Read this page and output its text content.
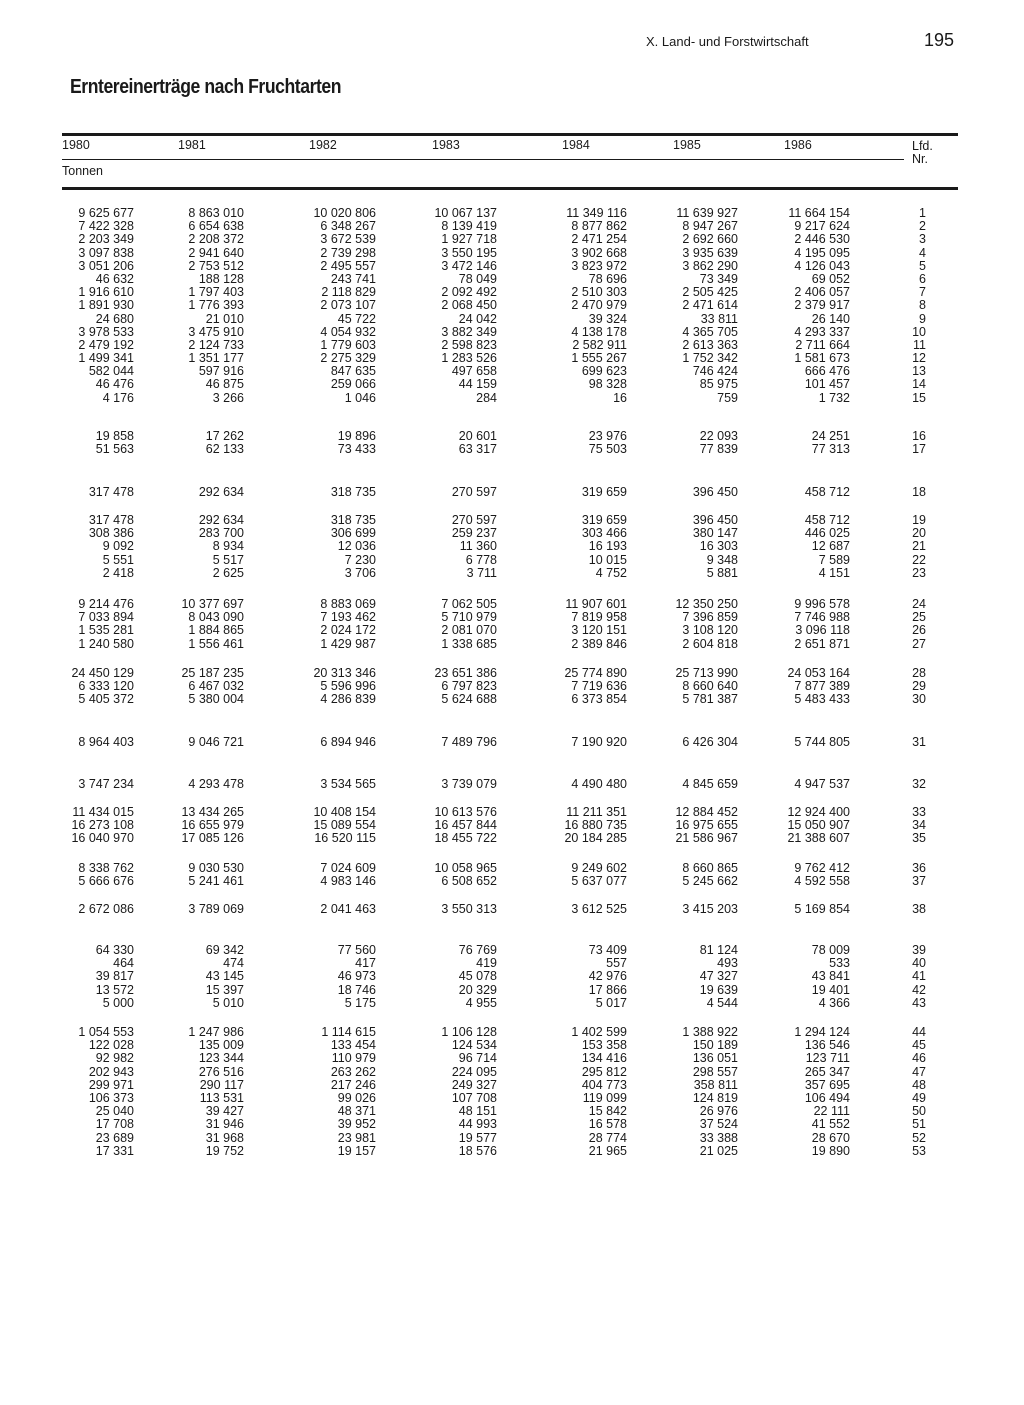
X. Land- und Forstwirtschaft	195
Erntereinerträge nach Fruchtarten
1980	1981	1982	1983	1984	1985	1986	Lfd.
Nr.
Tonnen
9 625 677	8 863 010	10 020 806	10 067 137	11 349 116	11 639 927	11 664 154	1
7 422 328	6 654 638	6 348 267	8 139 419	8 877 862	8 947 267	9 217 624	2
2 203 349	2 208 372	3 672 539	1 927 718	2 471 254	2 692 660	2 446 530	3
3 097 838	2 941 640	2 739 298	3 550 195	3 902 668	3 935 639	4 195 095	4
3 051 206	2 753 512	2 495 557	3 472 146	3 823 972	3 862 290	4 126 043	5
46 632	188 128	243 741	78 049	78 696	73 349	69 052	6
1 916 610	1 797 403	2 118 829	2 092 492	2 510 303	2 505 425	2 406 057	7
1 891 930	1 776 393	2 073 107	2 068 450	2 470 979	2 471 614	2 379 917	8
24 680	21 010	45 722	24 042	39 324	33 811	26 140	9
3 978 533	3 475 910	4 054 932	3 882 349	4 138 178	4 365 705	4 293 337	10
2 479 192	2 124 733	1 779 603	2 598 823	2 582 911	2 613 363	2 711 664	11
1 499 341	1 351 177	2 275 329	1 283 526	1 555 267	1 752 342	1 581 673	12
582 044	597 916	847 635	497 658	699 623	746 424	666 476	13
46 476	46 875	259 066	44 159	98 328	85 975	101 457	14
4 176	3 266	1 046	284	16	759	1 732	15
19 858	17 262	19 896	20 601	23 976	22 093	24 251	16
51 563	62 133	73 433	63 317	75 503	77 839	77 313	17
317 478	292 634	318 735	270 597	319 659	396 450	458 712	18
317 478	292 634	318 735	270 597	319 659	396 450	458 712	19
308 386	283 700	306 699	259 237	303 466	380 147	446 025	20
9 092	8 934	12 036	11 360	16 193	16 303	12 687	21
5 551	5 517	7 230	6 778	10 015	9 348	7 589	22
2 418	2 625	3 706	3 711	4 752	5 881	4 151	23
9 214 476	10 377 697	8 883 069	7 062 505	11 907 601	12 350 250	9 996 578	24
7 033 894	8 043 090	7 193 462	5 710 979	7 819 958	7 396 859	7 746 988	25
1 535 281	1 884 865	2 024 172	2 081 070	3 120 151	3 108 120	3 096 118	26
1 240 580	1 556 461	1 429 987	1 338 685	2 389 846	2 604 818	2 651 871	27
24 450 129	25 187 235	20 313 346	23 651 386	25 774 890	25 713 990	24 053 164	28
6 333 120	6 467 032	5 596 996	6 797 823	7 719 636	8 660 640	7 877 389	29
5 405 372	5 380 004	4 286 839	5 624 688	6 373 854	5 781 387	5 483 433	30
8 964 403	9 046 721	6 894 946	7 489 796	7 190 920	6 426 304	5 744 805	31
3 747 234	4 293 478	3 534 565	3 739 079	4 490 480	4 845 659	4 947 537	32
11 434 015	13 434 265	10 408 154	10 613 576	11 211 351	12 884 452	12 924 400	33
16 273 108	16 655 979	15 089 554	16 457 844	16 880 735	16 975 655	15 050 907	34
16 040 970	17 085 126	16 520 115	18 455 722	20 184 285	21 586 967	21 388 607	35
8 338 762	9 030 530	7 024 609	10 058 965	9 249 602	8 660 865	9 762 412	36
5 666 676	5 241 461	4 983 146	6 508 652	5 637 077	5 245 662	4 592 558	37
2 672 086	3 789 069	2 041 463	3 550 313	3 612 525	3 415 203	5 169 854	38
64 330	69 342	77 560	76 769	73 409	81 124	78 009	39
464	474	417	419	557	493	533	40
39 817	43 145	46 973	45 078	42 976	47 327	43 841	41
13 572	15 397	18 746	20 329	17 866	19 639	19 401	42
5 000	5 010	5 175	4 955	5 017	4 544	4 366	43
1 054 553	1 247 986	1 114 615	1 106 128	1 402 599	1 388 922	1 294 124	44
122 028	135 009	133 454	124 534	153 358	150 189	136 546	45
92 982	123 344	110 979	96 714	134 416	136 051	123 711	46
202 943	276 516	263 262	224 095	295 812	298 557	265 347	47
299 971	290 117	217 246	249 327	404 773	358 811	357 695	48
106 373	113 531	99 026	107 708	119 099	124 819	106 494	49
25 040	39 427	48 371	48 151	15 842	26 976	22 111	50
17 708	31 946	39 952	44 993	16 578	37 524	41 552	51
23 689	31 968	23 981	19 577	28 774	33 388	28 670	52
17 331	19 752	19 157	18 576	21 965	21 025	19 890	53
